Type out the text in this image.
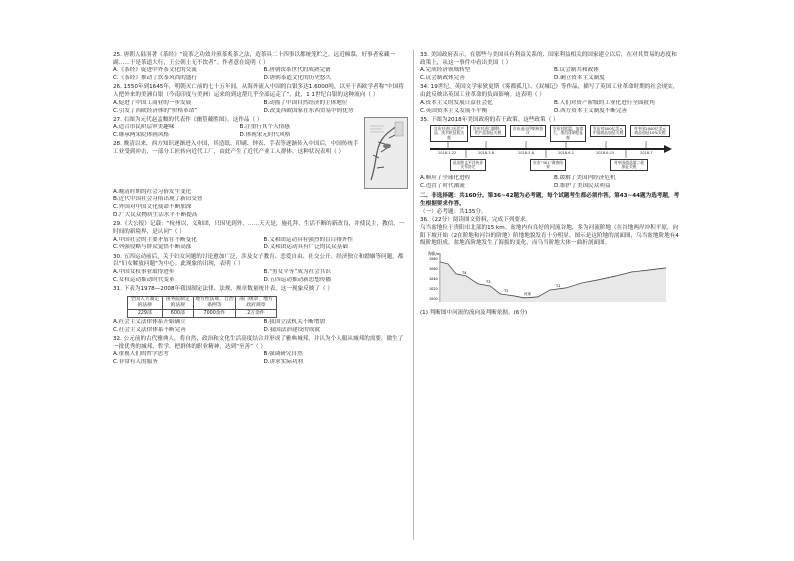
25. 唐朝人陆羽著《茶经》“说茶之功效并煎茶炙茶之法，造茶具二十四事以都统笼贮之。远近倾慕，好事者家藏一副……于是茶道大行，王公朝士无不饮者”。作者意在说明（ ）
A.《茶经》促进中外茶文化的交流	B.唐朝饮茶世代的成熟完备
C.《茶经》推动了饮茶风尚的盛行	D.唐朝茶道文化的历史悠久
26. 1550年到1645年，明朝灭亡前的七十五年间，从海外流入中国的白银多达1.6000吨，以至于西欧学者称“中国将人把外来的美洲白银（今南印度与美洲）运来的到这帮几乎全部运走了”。此，1 1世纪白银的这种流向（ ）
A.促进了中国工商业的一步发展	B.动摇了中国自然经济的主体地位
C.引发了西欧经济体的“价格革命”	D.改变西欧国家在东西贸易中的优势
27. 右图为元代赵孟頫的代表作《幽篁戴胜图》。这作品（ ）
A.适合市民阶层审美趣味	B.注重行其个人情感
C.继承两宋院体画风格	D.体现宋元时代风格
28. 晚清以来，西方知识逐渐进入中国，其造纸、印刷、钟表、手表等逐渐传入中国后，中国传统手工业受到冲击，一部分工匠转向近代工厂，由此产生了近代产业工人群体。这种状况表明（ ）
A.晚清时期的社会习俗发生变化
B.近代中国社会习俗出现了新旧交替
C.外国对中国文化使命不断加深
D.广大民众物质生活水平不断提高
29.《大公报》记载：“杭州以，义和团，只因见到外，……天天是，施礼拜，生活不断的新改良，并使民主，教信，一时间的新境界，是认同”（ ）
A.中国社会的主要矛盾在不断变化	B.义和团运动具有强烈的盲目排外性
C.列强侵略与群众觉悟不断高涨	D.义和团运动具有广泛的民众基础
30. 五四运动前后，关于妇女问题的讨论愈加广泛，涉及女子教育、恋爱自由、社交公开、经济独立和婚姻等问题，都以“妇女解放问题”为中心。此现象的出现，表明（ ）
A.中国女权事业取得进步	B.“男女平等”成为社会共识
C.女权运动推动时代变革	D.五四运动推动新思想传播
31. 下表为1978—2008年我国制定法律、法规、规章数量统计表。这一现象反映了（ ）
全国人大制定的法律	国务院制定的法规	地方性法规、自治条例等	部门规章、地方政府规章
229部	600部	7000余件	2万余件
A.社会主义法律体系开始确立	B.我国立法机关不断增加
C.社会主义法律体系不断完善	D.我国法治建设的成就
32. 公元前的古代雅典人，将自然，政治和文化生活高度结合并形成了雅典城邦，并认为个人服从城邦的需要，做生了一批优秀的城邦、哲学，把群体的职业精神，达到“至善”（ ）
A.重视人们的哲学思考	B.强调研究自然
C.非常有人的服务	D.讲求实际功利
33. 美国政府表示，在那些与美国具有利益关系的、国家利益相关的国家建立以后，在对其贸易的态度和政策上，从这一事件中看出美国（ ）
A.完成经济领域转型	B.议会制共和政体
C.议会制政体完善	D.确立资本主义制度
34. 19世纪，英国文学家狄更斯《雾都孤儿》、《双城记》等作品，描写了英国工业革命时期的社会现实，由此反映出英国工业革命的负面影响。这表明（ ）
A.资本主义的发展日益社会化	B.人们对资产阶级的工业化进行全面批判
C.英国资本主义发展不平衡	D.西方资本主义制度不断完善
35. 下图为2018年美国政府的若干政策。这些政策（ ）
宣布对进口光伏产品、洗衣机征收关税
宣布对进口钢铁、铝产品加征关税
宣布退出伊朗核协议
宣布对欧盟、加拿大、墨西哥钢铝征税
宣布对500亿美元中国商品加征关税
对中国2000亿美元商品加征10%关税
2018.1.22	2018.3.8	2018.5.8	2018.6.1	2018.6.15	2018.7
退出跨太平洋伙伴关系协定
宣布“301”调查结果
对中国商品第二轮加征关税
A.顺应了全球化进程	B.缓解了美国内经济危机
C.违背了时代潮流	D.维护了美国民众利益
二、非选择题：共160分。第36~42题为必考题，每个试题考生都必须作答。第43~44题为选考题，考生根据要求作答。
（一）必考题：共135分。
36.（22分）阅读图文资料，完成下列要求。
乌当盆地位于贵阳市北部的15 km。盆地内有良好的河流谷地，多为河流阶地（在谷地两岸冲积平原，向阳下坡开始（2在阶地和河谷的阶地）阶地地貌发育十分明显。图示是这阶地的剖面图，乌当盆地阶地有4级阶地组成。盆地高阶地发生了海拔的变化，而乌当阶地大体一曲折剖面图。
海拔/m
1080
1060
1040
1020
1000
T4
T3
T2
河床
T1
(1) 判断图中河流的流向及判断依据。(6分)
